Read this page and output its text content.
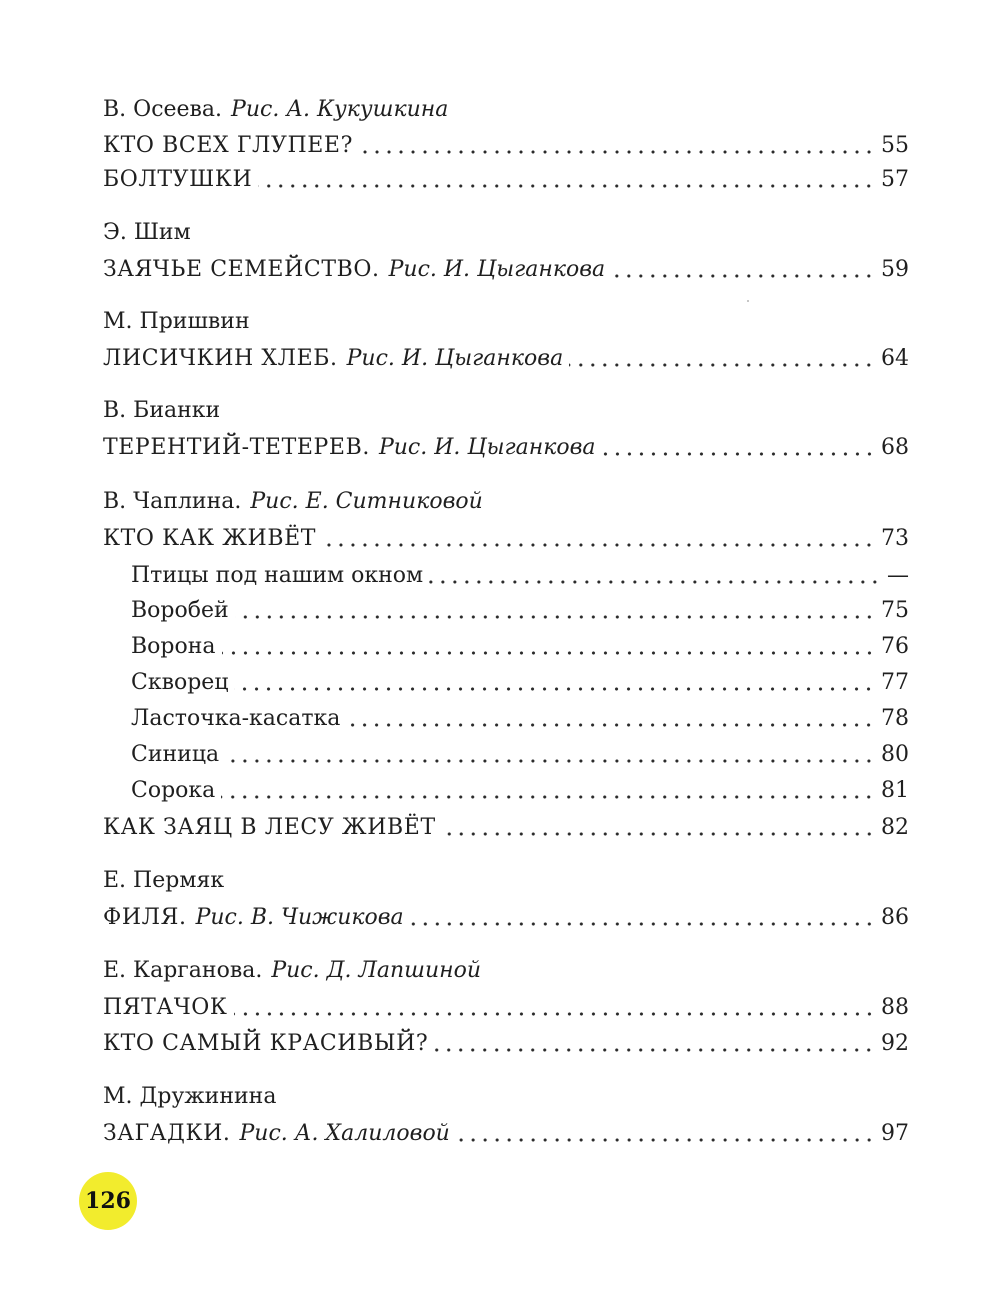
В. Осеева. Рис. А. Кукушкина
КТО ВСЕХ ГЛУПЕЕ?	55
БОЛТУШКИ	57
Э. Шим
ЗАЯЧЬЕ СЕМЕЙСТВО. Рис. И. Цыганкова	59
М. Пришвин
ЛИСИЧКИН ХЛЕБ. Рис. И. Цыганкова	64
В. Бианки
ТЕРЕНТИЙ-ТЕТЕРЕВ. Рис. И. Цыганкова	68
В. Чаплина. Рис. Е. Ситниковой
КТО КАК ЖИВЁТ	73
Птицы под нашим окном	—
Воробей	75
Ворона	76
Скворец	77
Ласточка-касатка	78
Синица	80
Сорока	81
КАК ЗАЯЦ В ЛЕСУ ЖИВЁТ	82
Е. Пермяк
ФИЛЯ. Рис. В. Чижикова	86
Е. Карганова. Рис. Д. Лапшиной
ПЯТАЧОК	88
КТО САМЫЙ КРАСИВЫЙ?	92
М. Дружинина
ЗАГАДКИ. Рис. А. Халиловой	97
126
